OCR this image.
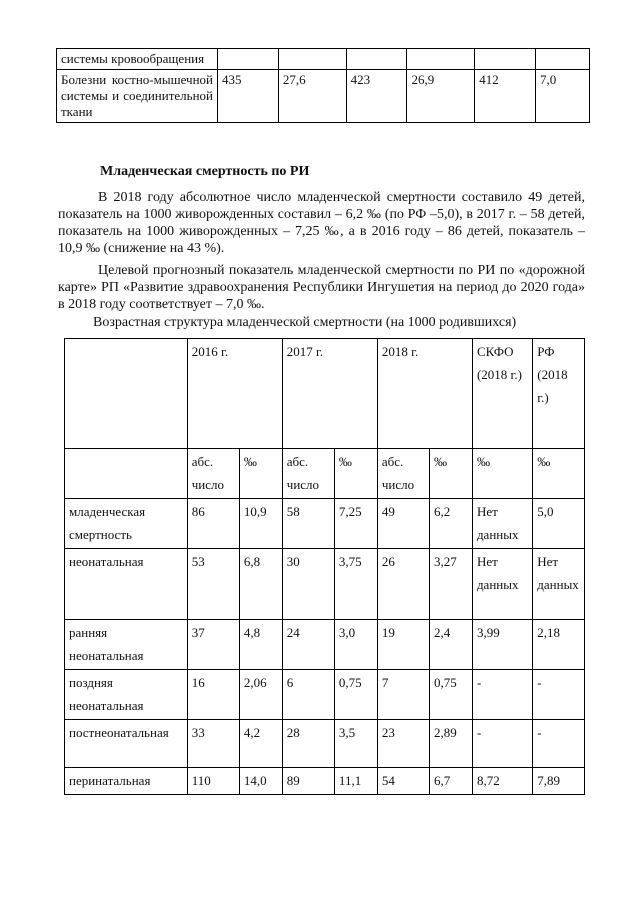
системы кровообращения						
Болезни костно-мышечной системы и соединительной ткани	435	27,6	423	26,9	412	7,0
Младенческая смертность по РИ

В 2018 году абсолютное число младенческой смертности составило 49 детей, показатель на 1000 живорожденных составил – 6,2 ‰ (по РФ –5,0), в 2017 г. – 58 детей, показатель на 1000 живорожденных – 7,25 ‰, а в 2016 году – 86 детей, показатель – 10,9 ‰ (снижение на 43 %).

Целевой прогнозный показатель младенческой смертности по РИ по «дорожной карте» РП «Развитие здравоохранения Республики Ингушетия на период до 2020 года» в 2018 году соответствует – 7,0 ‰.

Возрастная структура младенческой смертности (на 1000 родившихся)
	2016 г.		2017 г.		2018 г.		СКФО (2018 г.)	РФ (2018 г.)
	абс. число	‰	абс. число	‰	абс. число	‰	‰	‰
младенческая смертность	86	10,9	58	7,25	49	6,2	Нет данных	5,0
неонатальная	53	6,8	30	3,75	26	3,27	Нет данных	Нет данных
ранняя неонатальная	37	4,8	24	3,0	19	2,4	3,99	2,18
поздняя неонатальная	16	2,06	6	0,75	7	0,75	-	-
постнеонатальная	33	4,2	28	3,5	23	2,89	-	-
перинатальная	110	14,0	89	11,1	54	6,7	8,72	7,89
